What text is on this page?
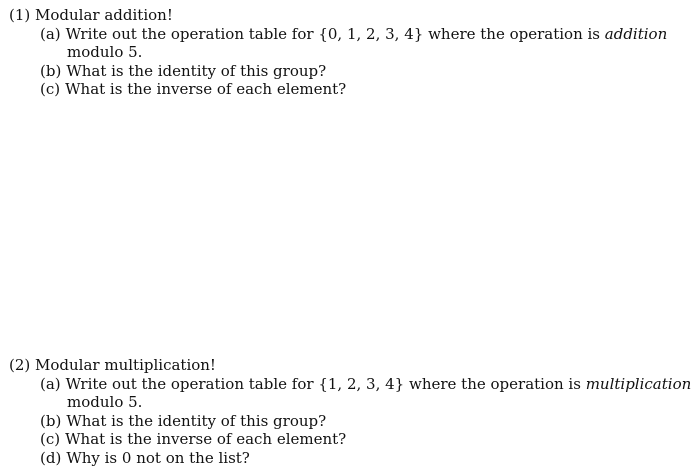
(1) Modular addition!
(a) Write out the operation table for {0, 1, 2, 3, 4} where the operation is addition
modulo 5.
(b) What is the identity of this group?
(c) What is the inverse of each element?
(2) Modular multiplication!
(a) Write out the operation table for {1, 2, 3, 4} where the operation is multiplication
modulo 5.
(b) What is the identity of this group?
(c) What is the inverse of each element?
(d) Why is 0 not on the list?
